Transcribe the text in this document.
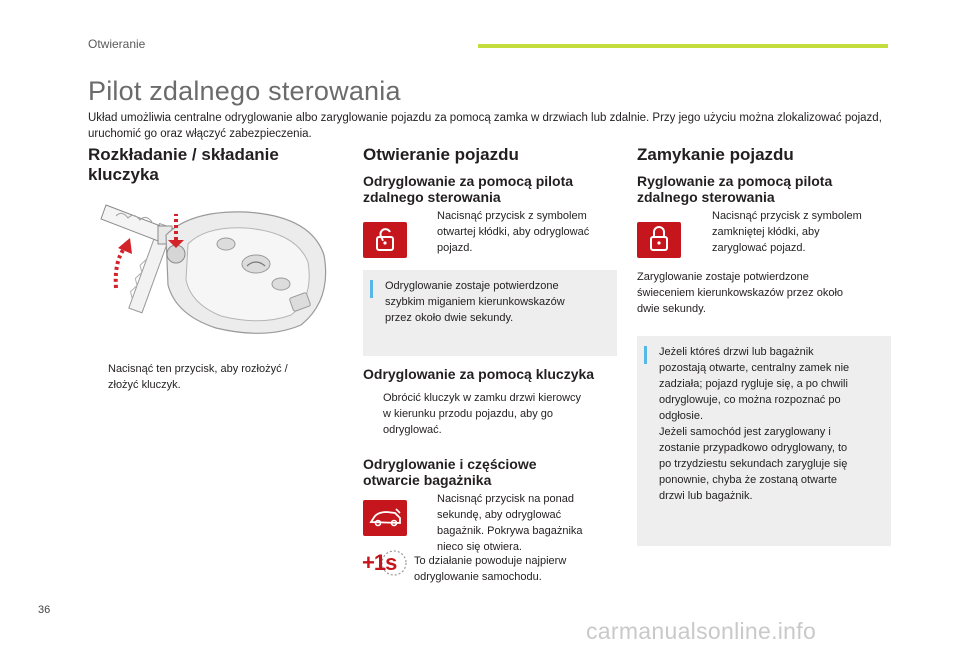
Otwieranie
Pilot zdalnego sterowania
Układ umożliwia centralne odryglowanie albo zaryglowanie pojazdu za pomocą zamka w drzwiach lub zdalnie. Przy jego użyciu można zlokalizować pojazd, uruchomić go oraz włączyć zabezpieczenia.
Rozkładanie / składanie
kluczyka
Nacisnąć ten przycisk, aby rozłożyć /
złożyć kluczyk.
Otwieranie pojazdu
Odryglowanie za pomocą pilota
zdalnego sterowania
Nacisnąć przycisk z symbolem
otwartej kłódki, aby odryglować
pojazd.
Odryglowanie zostaje potwierdzone
szybkim miganiem kierunkowskazów
przez około dwie sekundy.
Odryglowanie za pomocą kluczyka
Obrócić kluczyk w zamku drzwi kierowcy
w kierunku przodu pojazdu, aby go
odryglować.
Odryglowanie i częściowe
otwarcie bagażnika
Nacisnąć przycisk na ponad
sekundę, aby odryglować
bagażnik. Pokrywa bagażnika
nieco się otwiera.
+1s To działanie powoduje najpierw
odryglowanie samochodu.
Zamykanie pojazdu
Ryglowanie za pomocą pilota
zdalnego sterowania
Nacisnąć przycisk z symbolem
zamkniętej kłódki, aby
zaryglować pojazd.
Zaryglowanie zostaje potwierdzone
świeceniem kierunkowskazów przez około
dwie sekundy.
Jeżeli któreś drzwi lub bagażnik
pozostają otwarte, centralny zamek nie
zadziała; pojazd rygluje się, a po chwili
odryglowuje, co można rozpoznać po
odgłosie.
Jeżeli samochód jest zaryglowany i
zostanie przypadkowo odryglowany, to
po trzydziestu sekundach zarygluje się
ponownie, chyba że zostaną otwarte
drzwi lub bagażnik.
36
carmanualsonline.info
